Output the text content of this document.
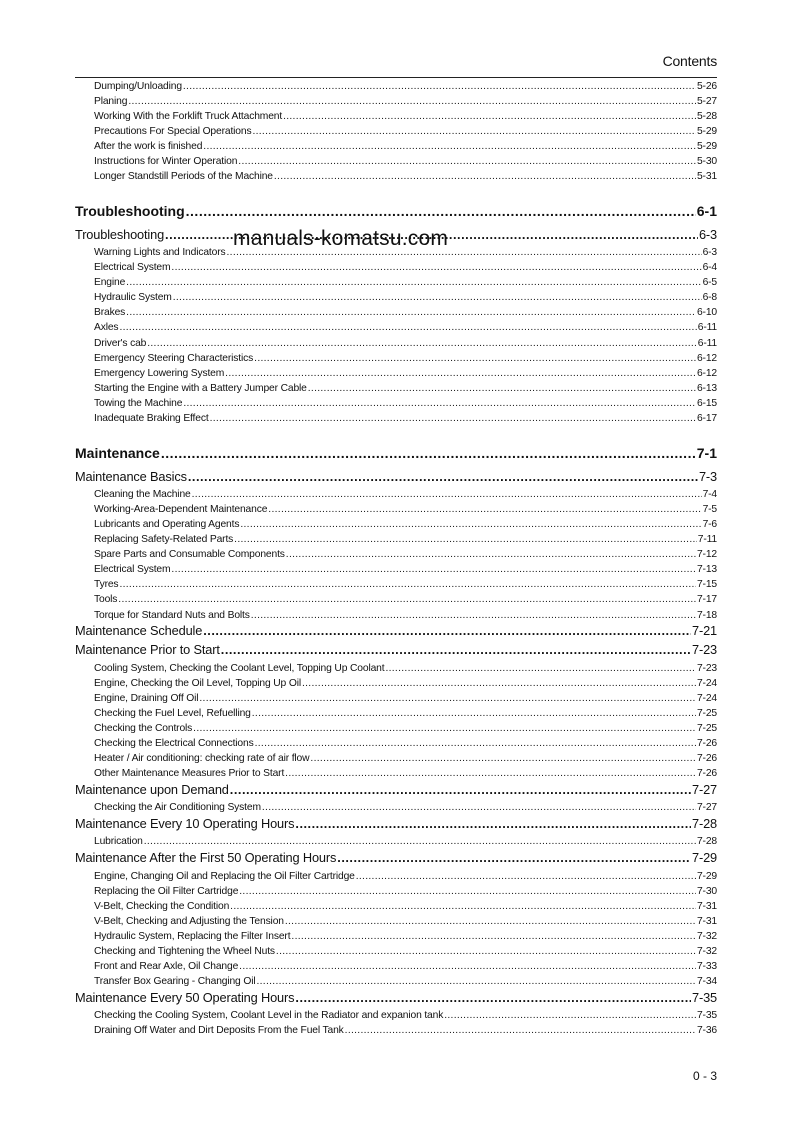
Contents
Dumping/Unloading .....	5-26
Planing .....	5-27
Working With the Forklift Truck Attachment .....	5-28
Precautions For Special Operations .....	5-29
After the work is finished .....	5-29
Instructions for Winter Operation .....	5-30
Longer Standstill Periods of the Machine .....	5-31
Troubleshooting .....	6-1
Troubleshooting .....	6-3
Warning Lights and Indicators .....	6-3
Electrical System .....	6-4
Engine .....	6-5
Hydraulic System .....	6-8
Brakes .....	6-10
Axles .....	6-11
Driver's cab .....	6-11
Emergency Steering Characteristics .....	6-12
Emergency Lowering System .....	6-12
Starting the Engine with a Battery Jumper Cable .....	6-13
Towing the Machine .....	6-15
Inadequate Braking Effect .....	6-17
Maintenance .....	7-1
Maintenance Basics .....	7-3
Cleaning the Machine .....	7-4
Working-Area-Dependent Maintenance .....	7-5
Lubricants and Operating Agents .....	7-6
Replacing Safety-Related Parts .....	7-11
Spare Parts and Consumable Components .....	7-12
Electrical System .....	7-13
Tyres .....	7-15
Tools .....	7-17
Torque for Standard Nuts and Bolts .....	7-18
Maintenance Schedule .....	7-21
Maintenance Prior to Start .....	7-23
Cooling System, Checking the Coolant Level, Topping Up Coolant .....	7-23
Engine, Checking the Oil Level, Topping Up Oil .....	7-24
Engine, Draining Off Oil .....	7-24
Checking the Fuel Level, Refuelling .....	7-25
Checking the Controls .....	7-25
Checking the Electrical Connections .....	7-26
Heater / Air conditioning: checking rate of air flow .....	7-26
Other Maintenance Measures Prior to Start .....	7-26
Maintenance upon Demand .....	7-27
Checking the Air Conditioning System .....	7-27
Maintenance Every 10 Operating Hours .....	7-28
Lubrication .....	7-28
Maintenance After the First 50 Operating Hours .....	7-29
Engine, Changing Oil and Replacing the Oil Filter Cartridge .....	7-29
Replacing the Oil Filter Cartridge .....	7-30
V-Belt, Checking the Condition .....	7-31
V-Belt, Checking and Adjusting the Tension .....	7-31
Hydraulic System, Replacing the Filter Insert .....	7-32
Checking and Tightening the Wheel Nuts .....	7-32
Front and Rear Axle, Oil Change .....	7-33
Transfer Box Gearing - Changing Oil .....	7-34
Maintenance Every 50 Operating Hours .....	7-35
Checking the Cooling System, Coolant Level in the Radiator and expanion tank .....	7-35
Draining Off Water and Dirt Deposits From the Fuel Tank .....	7-36
manuals-komatsu.com
0 - 3
